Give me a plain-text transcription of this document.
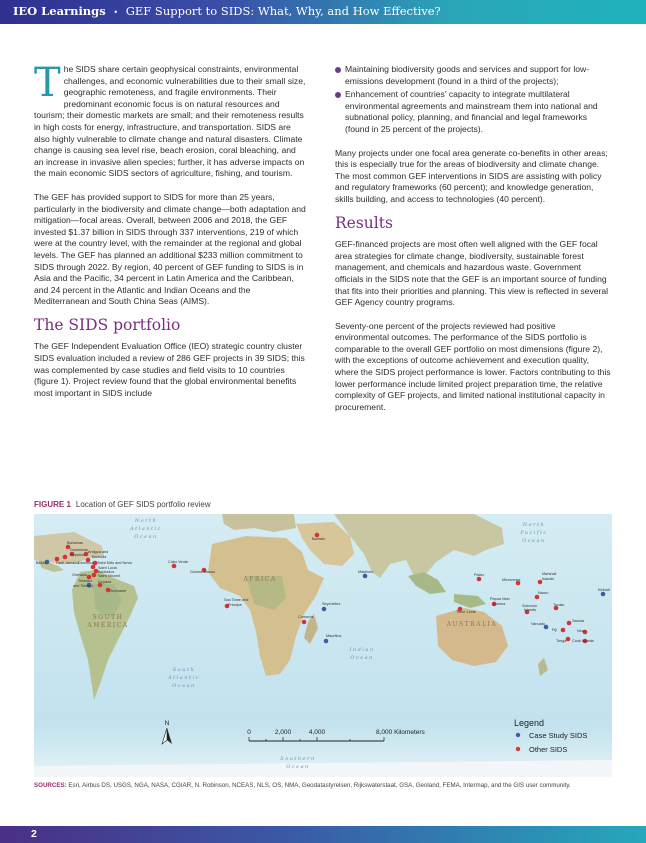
IEO Learnings • GEF Support to SIDS: What, Why, and How Effective?

The SIDS share certain geophysical constraints, environmental challenges, and economic vulnerabilities due to their small size, geographic remoteness, and fragile environments. Their predominant economic focus is on natural resources and tourism; their domestic markets are small; and their remoteness results in high costs for energy, infrastructure, and transportation. SIDS are also highly vulnerable to climate change and natural disasters. Climate change is causing sea level rise, beach erosion, coral bleaching, and an increase in invasive alien species; further, it has adverse impacts on the main economic SIDS sectors of agriculture, fishing, and tourism.

The GEF has provided support to SIDS for more than 25 years, particularly in the biodiversity and climate change—both adaptation and mitigation—focal areas. Overall, between 2006 and 2018, the GEF invested $1.37 billion in SIDS through 337 interventions, 219 of which were at the country level, with the remainder at the regional and global levels. The GEF has planned an additional $233 million commitment to SIDS through 2022. By region, 40 percent of GEF funding to SIDS is in Asia and the Pacific, 34 percent in Latin America and the Caribbean, and 24 percent in the Atlantic and Indian Oceans and the Mediterranean and South China Seas (AIMS).

The SIDS portfolio

The GEF Independent Evaluation Office (IEO) strategic country cluster SIDS evaluation included a review of 286 GEF projects in 39 SIDS; this was complemented by case studies and field visits to 10 countries (figure 1). Project review found that the global environmental benefits most important in SIDS include

Maintaining biodiversity goods and services and support for low-emissions development (found in a third of the projects);
Enhancement of countries’ capacity to integrate multilateral environmental agreements and mainstream them into national and subnational policy, planning, and financial and legal frameworks (found in 25 percent of the projects).

Many projects under one focal area generate co-benefits in other areas; this is especially true for the areas of biodiversity and climate change. The most common GEF interventions in SIDS are assisting with policy and regulatory frameworks (60 percent); and knowledge generation, skills building, and access to technologies (40 percent).

Results

GEF-financed projects are most often well aligned with the GEF focal area strategies for climate change, biodiversity, sustainable forest management, and chemicals and hazardous waste. Government officials in the SIDS note that the GEF is an important source of funding that fits into their priorities and planning. This view is reflected in several GEF Agency country programs.

Seventy-one percent of the projects reviewed had positive environmental outcomes. The performance of the SIDS portfolio is comparable to the overall GEF portfolio on most dimensions (figure 2), with the exceptions of outcome achievement and execution quality, where the SIDS project performance is lower. Factors contributing to this lower performance include limited project preparation time, the relative complexity of GEF projects, and limited national institutional capacity in procurement.

FIGURE 1 Location of GEF SIDS portfolio review
North
Atlantic
Ocean
North
Pacific
Ocean
South
Atlantic
Ocean
Indian
Ocean
Southern
Ocean
AFRICA
SOUTH
AMERICA	AUSTRALIA
Bahamas
Dominican
Republic
Antigua and
Barbuda
Belize	Haiti Jamaica
Dominica Saint Kitts and Nevis
Saint Lucia
Barbados
Saint Vincent
Grenada
Trinidad
and Tobago
Guyana
Suriname
Cabo Verde
Guinea-Bissau
Sao Tome and
Principe
Bahrain
Maldives
Seychelles
Comoros
Mauritius
Palau
Timor Leste
Papua New
Guinea
Micronesia
Marshall
Islands
Nauru
Kiribati
Solomon
Islands
Tuvalu
Vanuatu
Fiji
Samoa
Niue
Tonga Cook Islands
N
0	2,000	4,000	8,000 Kilometers
Legend
Case Study SIDS
Other SIDS
SOURCES: Esri, Airbus DS, USGS, NGA, NASA, CGIAR, N. Robinson, NCEAS, NLS, OS, NMA, Geodatastyrelsen, Rijkswaterstaat, GSA, Geoland, FEMA, Intermap, and the GIS user community.
2
